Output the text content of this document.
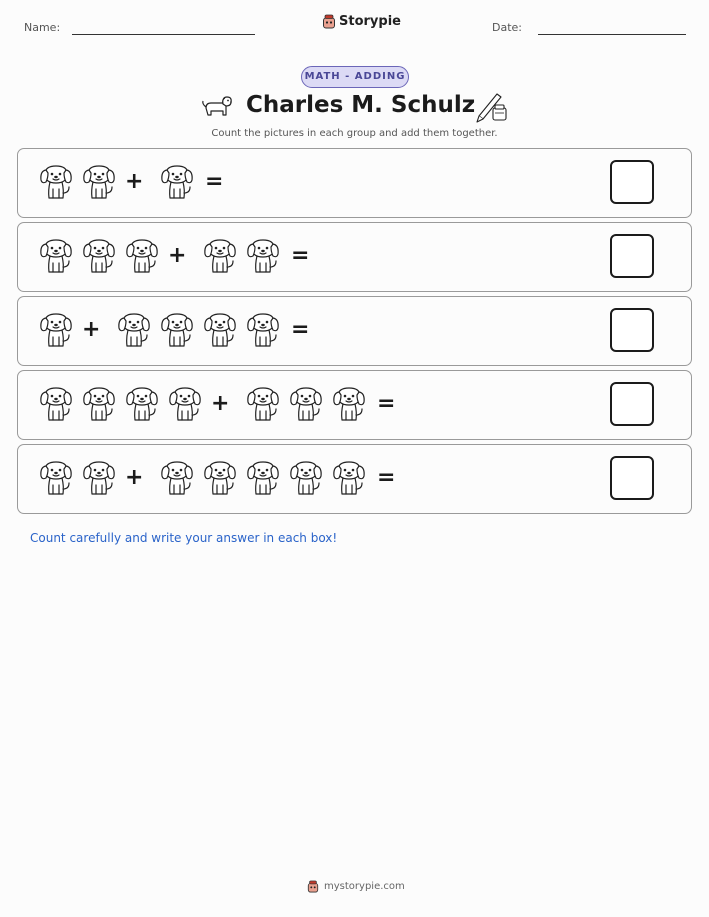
Name:	Storypie	Date:
MATH - ADDING
Charles M. Schulz
Count the pictures in each group and add them together.
+	=
+	=
+	=
+	=
+	=
Count carefully and write your answer in each box!
mystorypie.com
